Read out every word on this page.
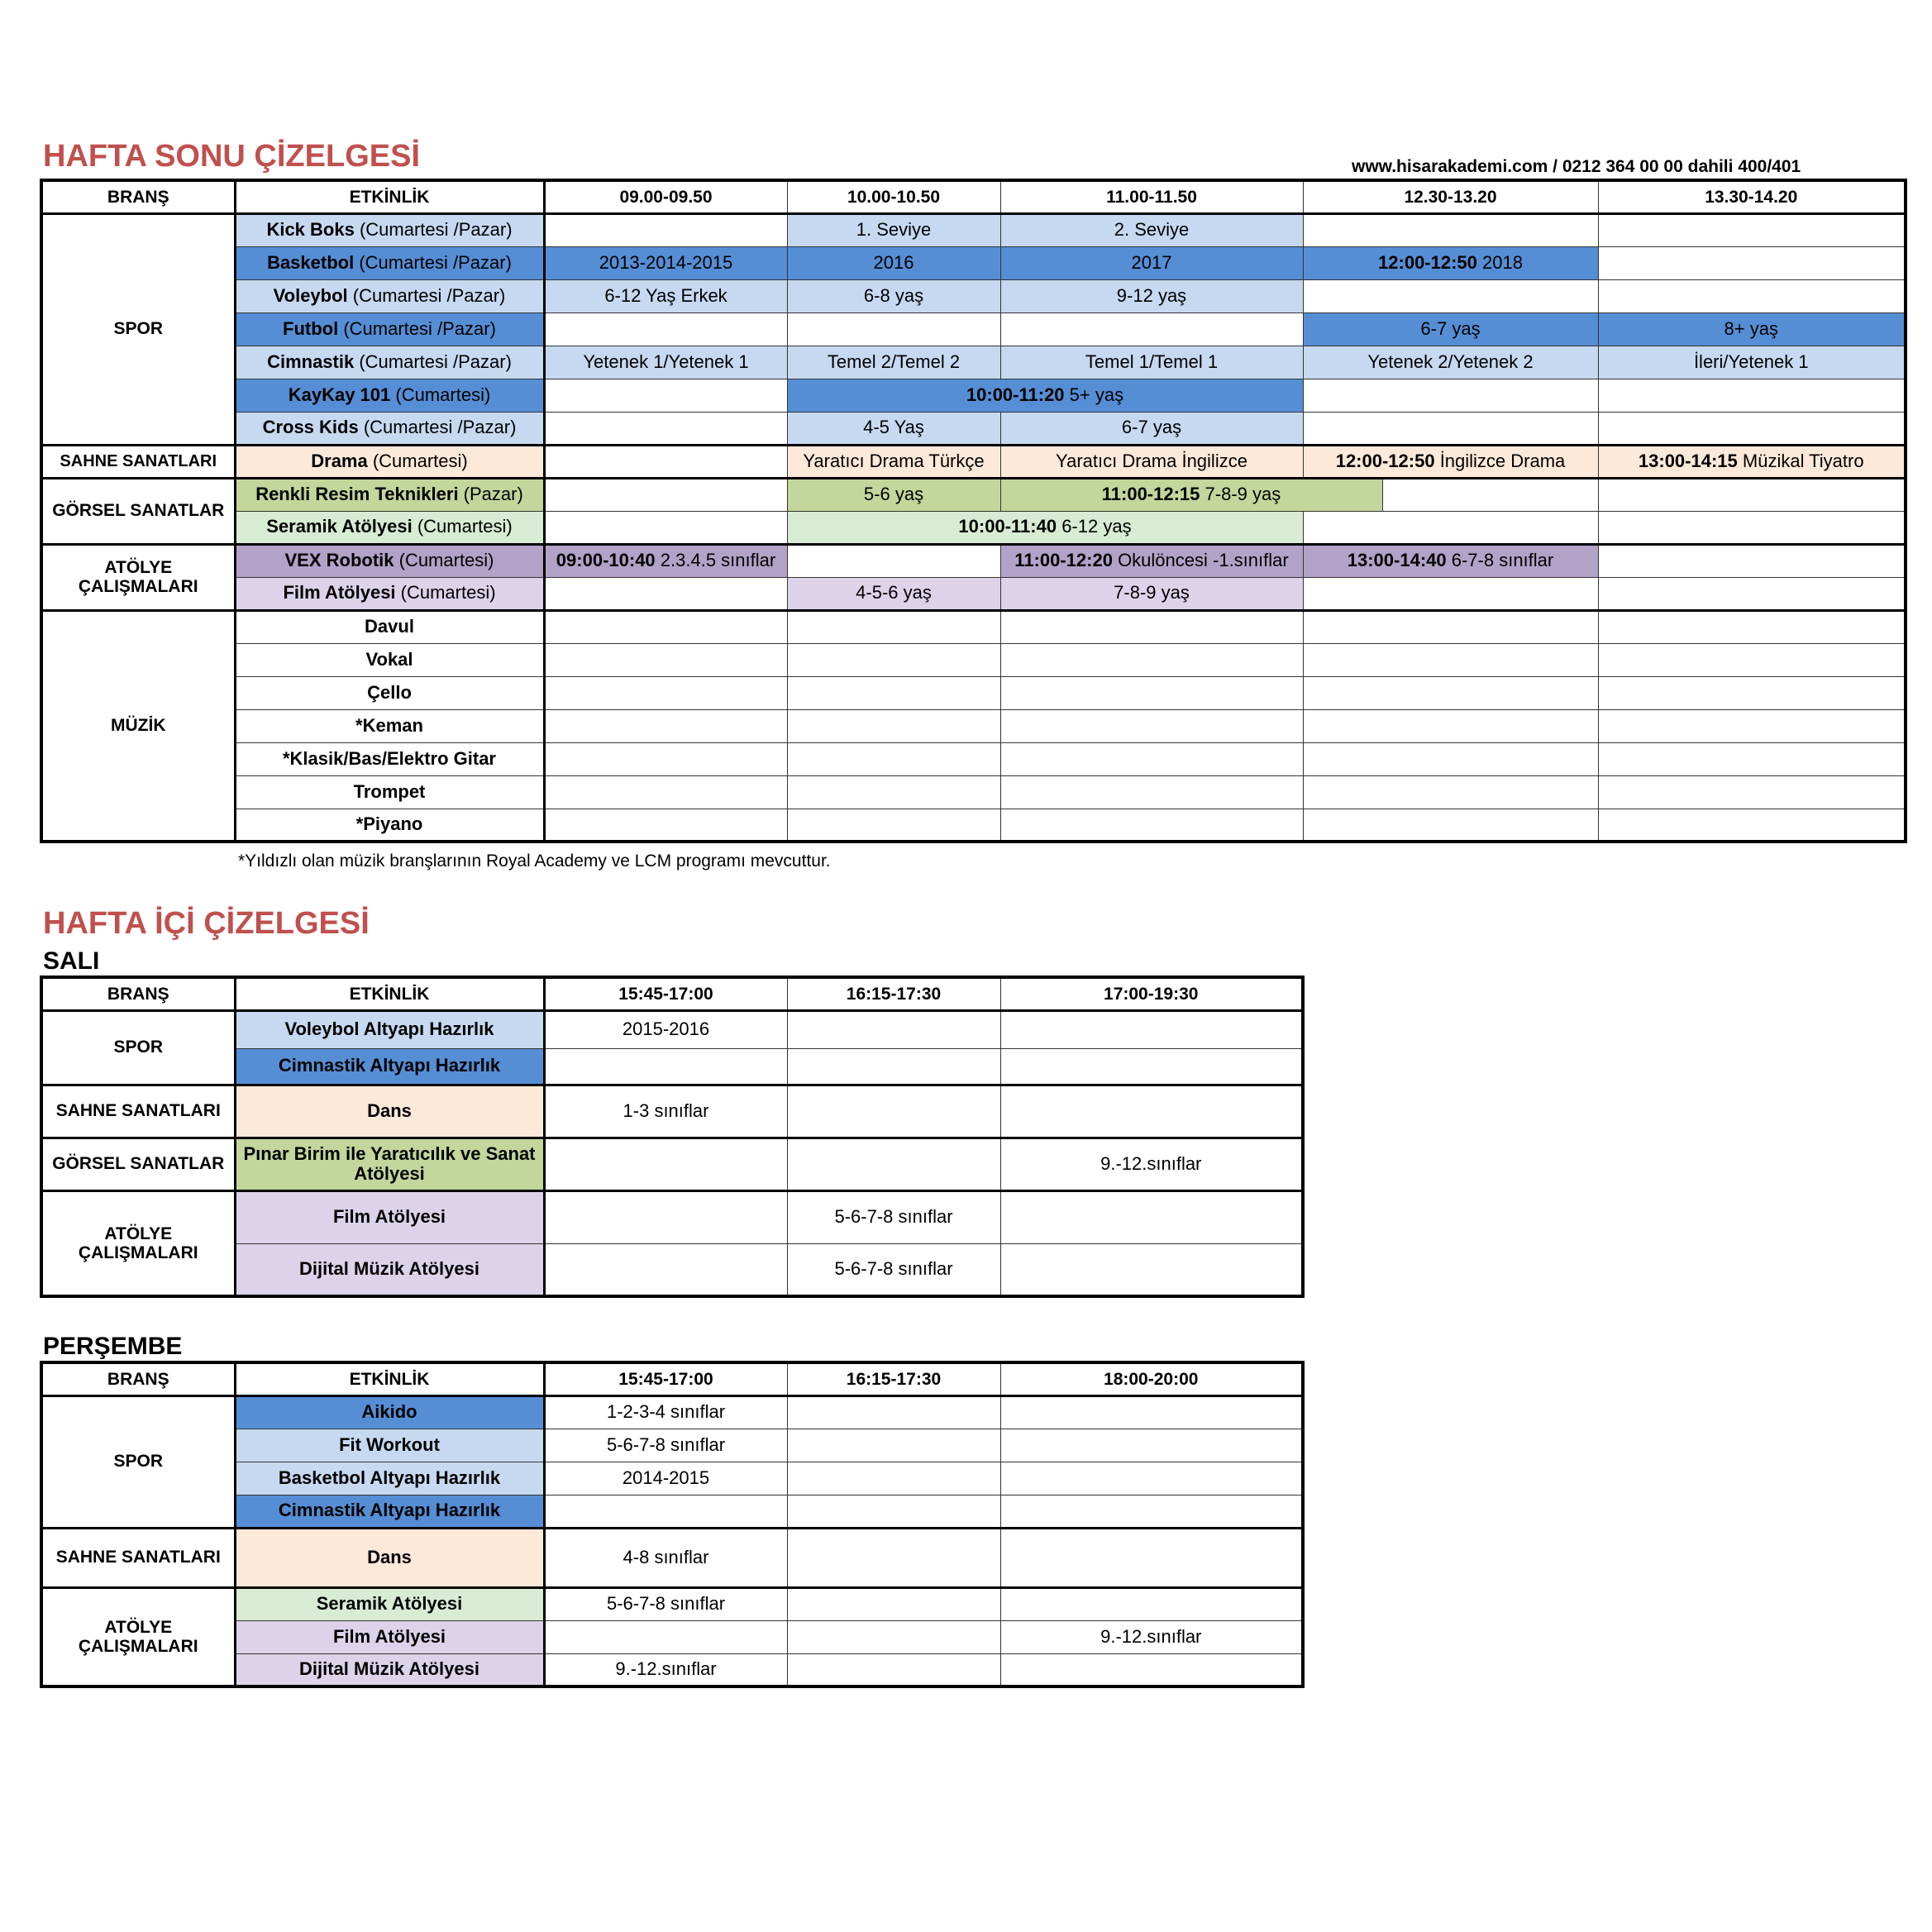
HAFTA SONU ÇİZELGESİ	www.hisarakademi.com / 0212 364 00 00 dahili 400/401
BRANŞ	ETKİNLİK	09.00-09.50	10.00-10.50	11.00-11.50	12.30-13.20	13.30-14.20
SPOR	Kick Boks (Cumartesi /Pazar)		1. Seviye	2. Seviye		
	Basketbol (Cumartesi /Pazar)	2013-2014-2015	2016	2017	12:00-12:50 2018	
	Voleybol (Cumartesi /Pazar)	6-12 Yaş Erkek	6-8 yaş	9-12 yaş		
	Futbol (Cumartesi /Pazar)				6-7 yaş	8+ yaş
	Cimnastik (Cumartesi /Pazar)	Yetenek 1/Yetenek 1	Temel 2/Temel 2	Temel 1/Temel 1	Yetenek 2/Yetenek 2	İleri/Yetenek 1
	KayKay 101 (Cumartesi)		10:00-11:20 5+ yaş			
	Cross Kids (Cumartesi /Pazar)		4-5 Yaş	6-7 yaş		
SAHNE SANATLARI	Drama (Cumartesi)		Yaratıcı Drama Türkçe	Yaratıcı Drama İngilizce	12:00-12:50 İngilizce Drama	13:00-14:15 Müzikal Tiyatro
GÖRSEL SANATLAR	Renkli Resim Teknikleri (Pazar)		5-6 yaş	11:00-12:15 7-8-9 yaş		

	Seramik Atölyesi (Cumartesi)		10:00-11:40 6-12 yaş			
ATÖLYE ÇALIŞMALARI	VEX Robotik (Cumartesi)	09:00-10:40 2.3.4.5 sınıflar		11:00-12:20 Okulöncesi -1.sınıflar	13:00-14:40 6-7-8 sınıflar	
	Film Atölyesi (Cumartesi)		4-5-6 yaş	7-8-9 yaş		
MÜZİK	Davul					
	Vokal					
	Çello					
	*Keman					
	*Klasik/Bas/Elektro Gitar					
	Trompet					
	*Piyano					
*Yıldızlı olan müzik branşlarının Royal Academy ve LCM programı mevcuttur.
HAFTA İÇİ ÇİZELGESİ
SALI
BRANŞ	ETKİNLİK	15:45-17:00	16:15-17:30	17:00-19:30
SPOR	Voleybol Altyapı Hazırlık	2015-2016		
	Cimnastik Altyapı Hazırlık			
SAHNE SANATLARI	Dans	1-3 sınıflar		
GÖRSEL SANATLAR	Pınar Birim ile Yaratıcılık ve Sanat Atölyesi			9.-12.sınıflar
ATÖLYE ÇALIŞMALARI	Film Atölyesi		5-6-7-8 sınıflar	
	Dijital Müzik Atölyesi		5-6-7-8 sınıflar	
PERŞEMBE
BRANŞ	ETKİNLİK	15:45-17:00	16:15-17:30	18:00-20:00
SPOR	Aikido	1-2-3-4 sınıflar		
	Fit Workout	5-6-7-8 sınıflar		
	Basketbol Altyapı Hazırlık	2014-2015		
	Cimnastik Altyapı Hazırlık			
SAHNE SANATLARI	Dans	4-8 sınıflar		
ATÖLYE ÇALIŞMALARI	Seramik Atölyesi	5-6-7-8 sınıflar		
	Film Atölyesi			9.-12.sınıflar
	Dijital Müzik Atölyesi	9.-12.sınıflar		
